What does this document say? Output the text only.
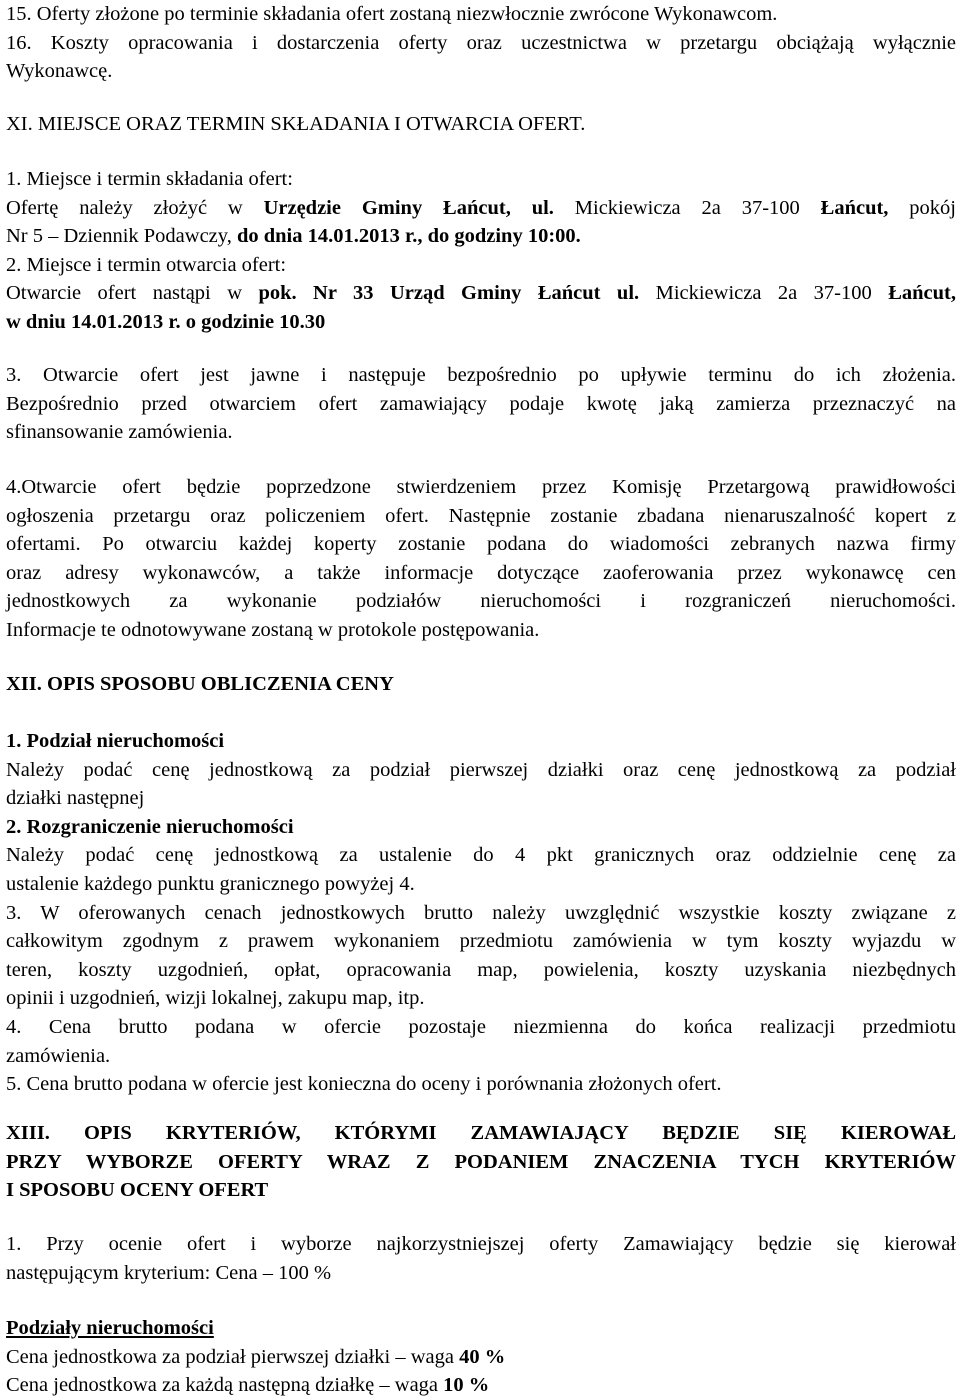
15. Oferty złożone po terminie składania ofert zostaną niezwłocznie zwrócone Wykonawcom.

16. Koszty opracowania i dostarczenia oferty oraz uczestnictwa w przetargu obciążają wyłącznie

Wykonawcę.

XI. MIEJSCE ORAZ TERMIN SKŁADANIA I OTWARCIA OFERT.

1. Miejsce i termin składania ofert:

Ofertę należy złożyć w Urzędzie Gminy Łańcut, ul. Mickiewicza 2a 37-100 Łańcut, pokój

Nr 5 – Dziennik Podawczy, do dnia 14.01.2013 r., do godziny 10:00.

2. Miejsce i termin otwarcia ofert:

Otwarcie ofert nastąpi w pok. Nr 33 Urząd Gminy Łańcut ul. Mickiewicza 2a 37-100 Łańcut,

w dniu 14.01.2013 r. o godzinie 10.30

3. Otwarcie ofert jest jawne i następuje bezpośrednio po upływie terminu do ich złożenia.

Bezpośrednio przed otwarciem ofert zamawiający podaje kwotę jaką zamierza przeznaczyć na

sfinansowanie zamówienia.

4.Otwarcie ofert będzie poprzedzone stwierdzeniem przez Komisję Przetargową prawidłowości

ogłoszenia przetargu oraz policzeniem ofert. Następnie zostanie zbadana nienaruszalność kopert z

ofertami. Po otwarciu każdej koperty zostanie podana do wiadomości zebranych nazwa firmy

oraz adresy wykonawców, a także informacje dotyczące zaoferowania przez wykonawcę cen

jednostkowych za wykonanie podziałów nieruchomości i rozgraniczeń nieruchomości.

Informacje te odnotowywane zostaną w protokole postępowania.

XII. OPIS SPOSOBU OBLICZENIA CENY

1. Podział nieruchomości

Należy podać cenę jednostkową za podział pierwszej działki oraz cenę jednostkową za podział

działki następnej

2. Rozgraniczenie nieruchomości

Należy podać cenę jednostkową za ustalenie do 4 pkt granicznych oraz oddzielnie cenę za

ustalenie każdego punktu granicznego powyżej 4.

3. W oferowanych cenach jednostkowych brutto należy uwzględnić wszystkie koszty związane z

całkowitym zgodnym z prawem wykonaniem przedmiotu zamówienia w tym koszty wyjazdu w

teren, koszty uzgodnień, opłat, opracowania map, powielenia, koszty uzyskania niezbędnych

opinii i uzgodnień, wizji lokalnej, zakupu map, itp.

4. Cena brutto podana w ofercie pozostaje niezmienna do końca realizacji przedmiotu

zamówienia.

5. Cena brutto podana w ofercie jest konieczna do oceny i porównania złożonych ofert.

XIII. OPIS KRYTERIÓW, KTÓRYMI ZAMAWIAJĄCY BĘDZIE SIĘ KIEROWAŁ

PRZY WYBORZE OFERTY WRAZ Z PODANIEM ZNACZENIA TYCH KRYTERIÓW

I SPOSOBU OCENY OFERT

1. Przy ocenie ofert i wyborze najkorzystniejszej oferty Zamawiający będzie się kierował

następującym kryterium: Cena – 100 %

Podziały nieruchomości

Cena jednostkowa za podział pierwszej działki – waga 40 %

Cena jednostkowa za każdą następną działkę – waga 10 %
